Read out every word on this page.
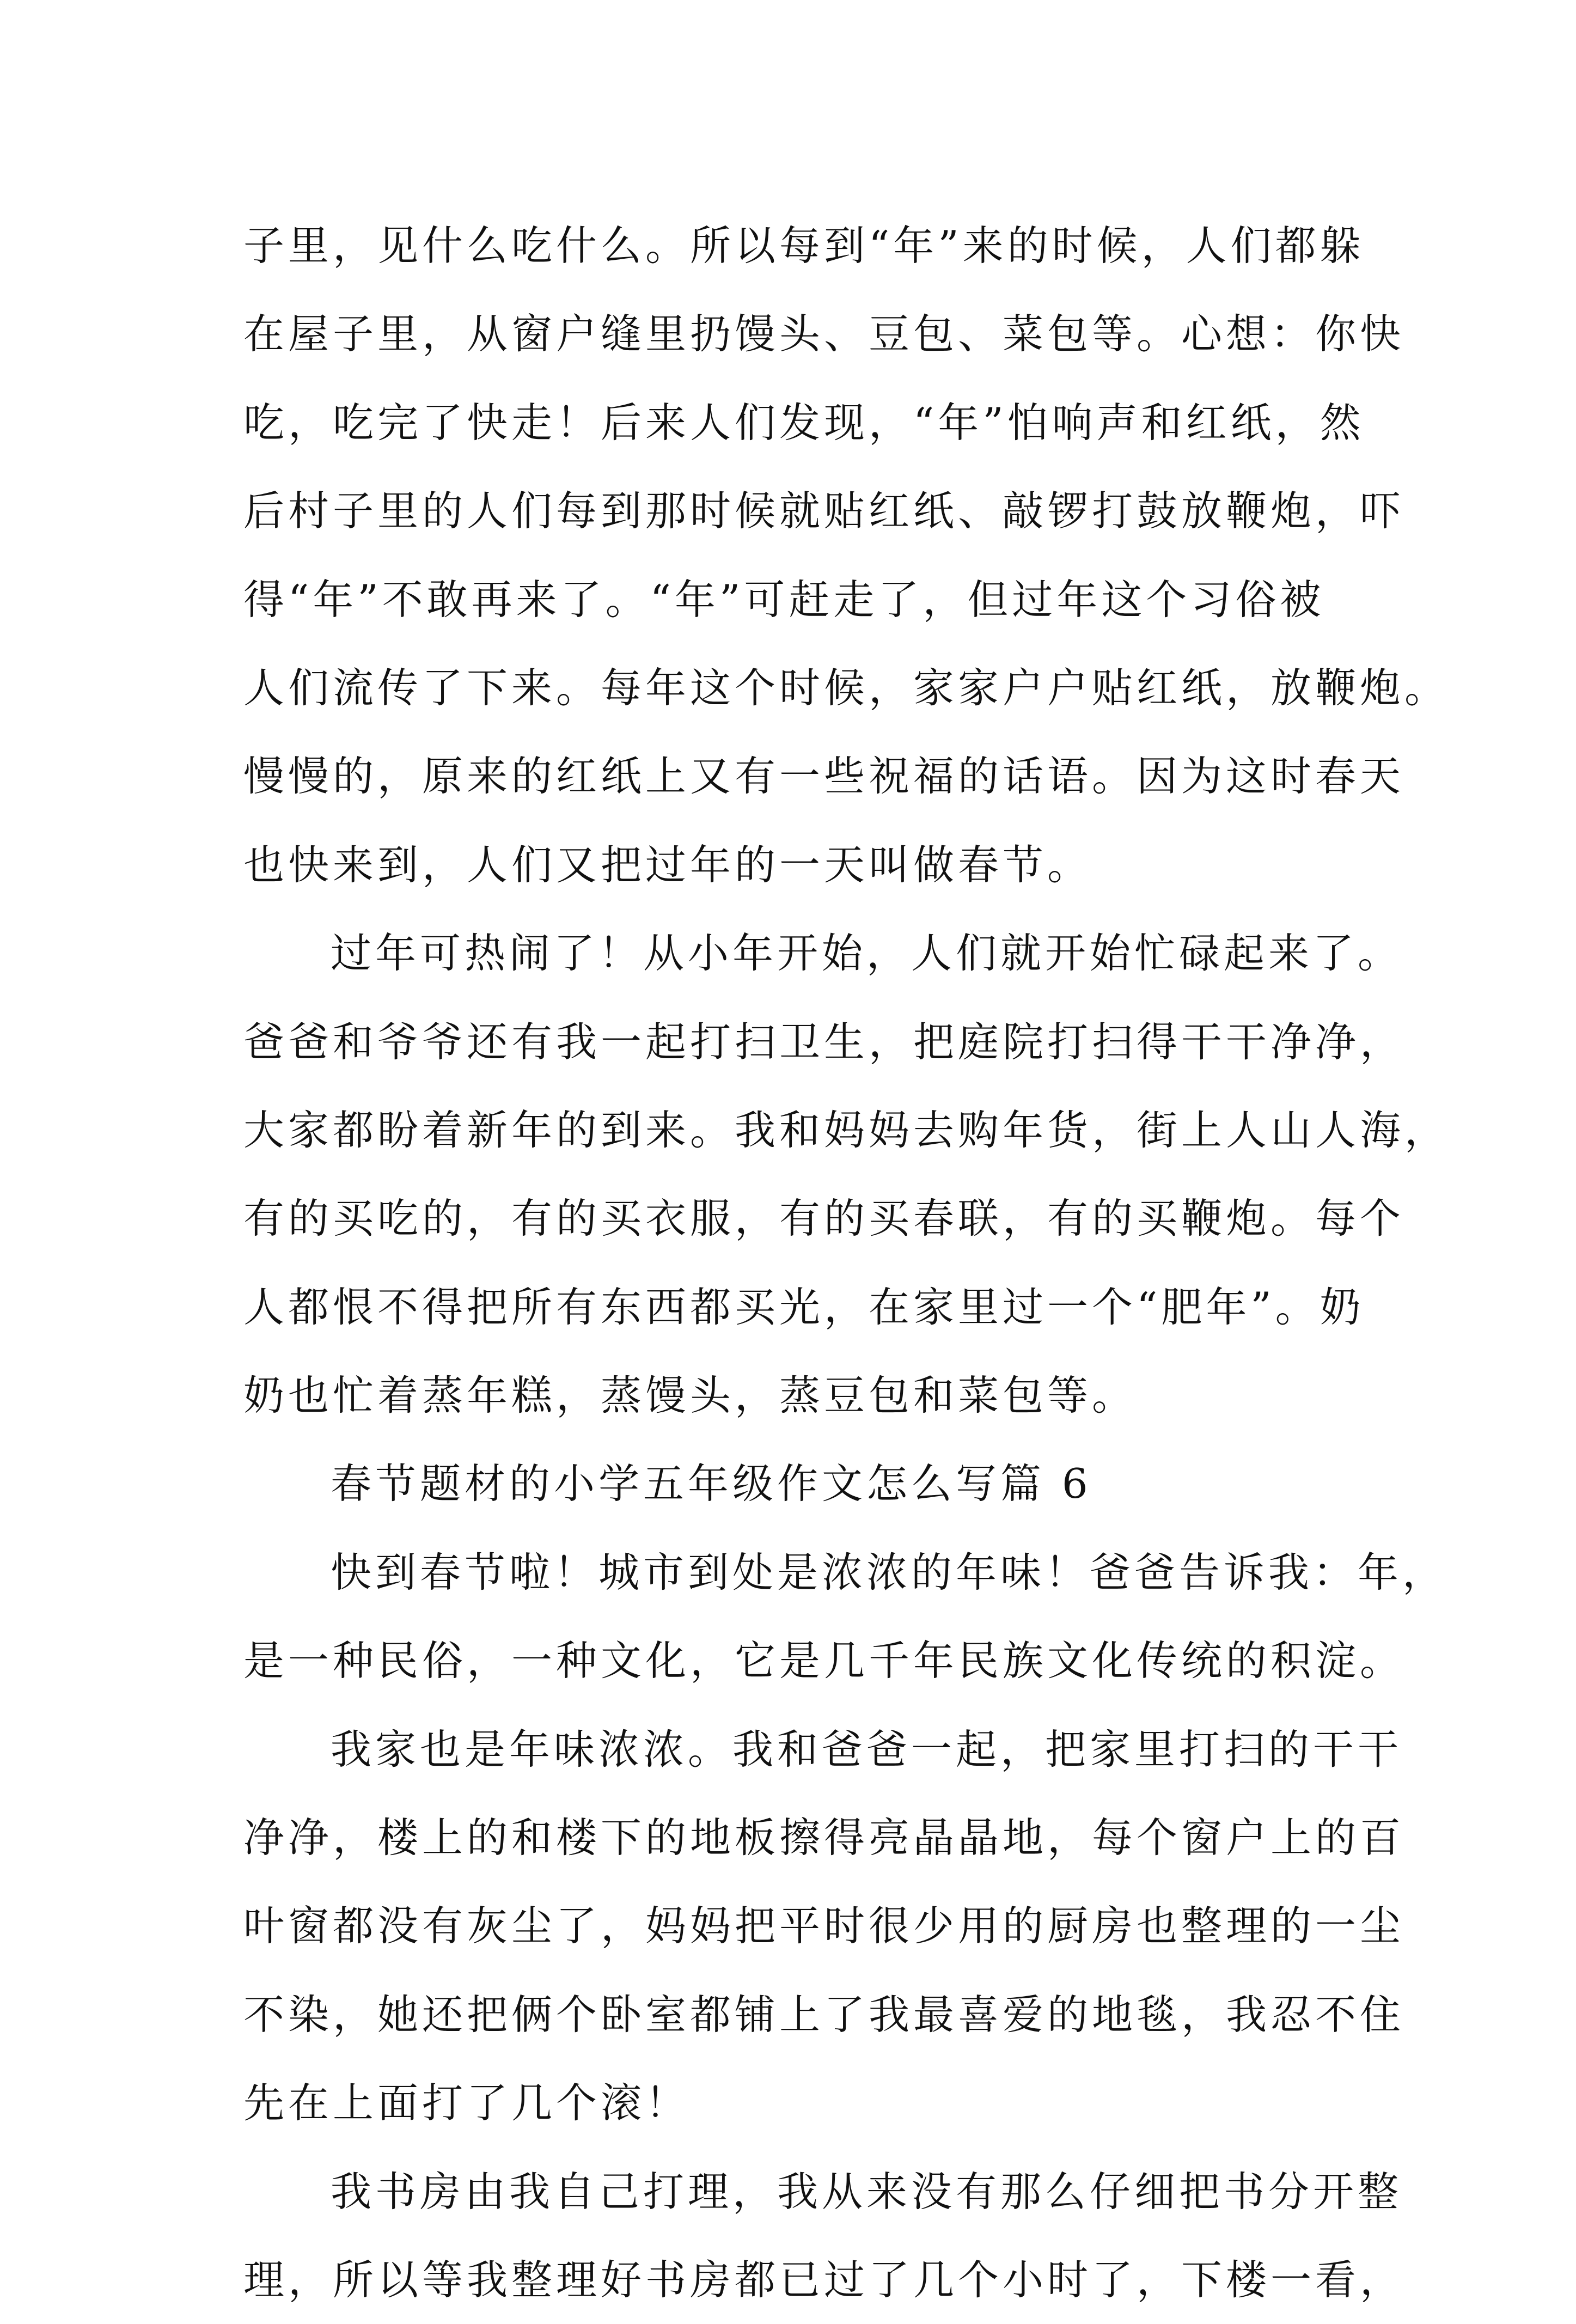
子里，见什么吃什么。所以每到“年”来的时候，人们都躲
在屋子里，从窗户缝里扔馒头、豆包、菜包等。心想：你快
吃，吃完了快走！后来人们发现，“年”怕响声和红纸，然
后村子里的人们每到那时候就贴红纸、敲锣打鼓放鞭炮，吓
得“年”不敢再来了。“年”可赶走了，但过年这个习俗被
人们流传了下来。每年这个时候，家家户户贴红纸，放鞭炮。
慢慢的，原来的红纸上又有一些祝福的话语。因为这时春天
也快来到，人们又把过年的一天叫做春节。
过年可热闹了！从小年开始，人们就开始忙碌起来了。
爸爸和爷爷还有我一起打扫卫生，把庭院打扫得干干净净，
大家都盼着新年的到来。我和妈妈去购年货，街上人山人海，
有的买吃的，有的买衣服，有的买春联，有的买鞭炮。每个
人都恨不得把所有东西都买光，在家里过一个“肥年”。奶
奶也忙着蒸年糕，蒸馒头，蒸豆包和菜包等。
春节题材的小学五年级作文怎么写篇 6
快到春节啦！城市到处是浓浓的年味！爸爸告诉我：年，
是一种民俗，一种文化，它是几千年民族文化传统的积淀。
我家也是年味浓浓。我和爸爸一起，把家里打扫的干干
净净，楼上的和楼下的地板擦得亮晶晶地，每个窗户上的百
叶窗都没有灰尘了，妈妈把平时很少用的厨房也整理的一尘
不染，她还把俩个卧室都铺上了我最喜爱的地毯，我忍不住
先在上面打了几个滚！
我书房由我自己打理，我从来没有那么仔细把书分开整
理，所以等我整理好书房都已过了几个小时了，下楼一看，
